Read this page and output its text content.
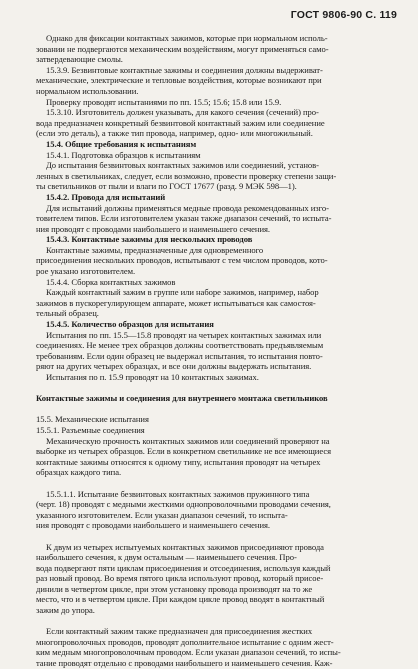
ГОСТ 9806-90 С. 119
Однако для фиксации контактных зажимов, которые при нормальном исполь-
зовании не подвергаются механическим воздействиям, могут применяться само-
затвердевающие смолы.
15.3.9. Безвинтовые контактные зажимы и соединения должны выдерживат-
механические, электрические и тепловые воздействия, которые возникают при
нормальном использовании.
Проверку проводят испытаниями по пп. 15.5; 15.6; 15.8 или 15.9.
15.3.10. Изготовитель должен указывать, для какого сечения (сечений) про-
вода предназначен конкретный безвинтовой контактный зажим или соединение
(если это деталь), а также тип провода, например, одно- или многожильный.
15.4. Общие требования к испытаниям
15.4.1. Подготовка образцов к испытаниям
До испытания безвинтовых контактных зажимов или соединений, установ-
ленных в светильниках, следует, если возможно, провести проверку степени защи-
ты светильников от пыли и влаги по ГОСТ 17677 (разд. 9 МЭК 598—1).
15.4.2. Провода для испытаний
Для испытаний должны применяться медные провода рекомендованных изго-
товителем типов. Если изготовителем указан также диапазон сечений, то испыта-
ния проводят с проводами наибольшего и наименьшего сечения.
15.4.3. Контактные зажимы для нескольких проводов
Контактные зажимы, предназначенные для одновременного
присоединения нескольких проводов, испытывают с тем числом проводов, кото-
рое указано изготовителем.
15.4.4. Сборка контактных зажимов
Каждый контактный зажим в группе или наборе зажимов, например, набор
зажимов в пускорегулирующем аппарате, может испытываться как самостоя-
тельный образец.
15.4.5. Количество образцов для испытания
Испытания по пп. 15.5—15.8 проводят на четырех контактных зажимах или
соединениях. Не менее трех образцов должны соответствовать предъявляемым
требованиям. Если один образец не выдержал испытания, то испытания повто-
ряют на других четырех образцах, и все они должны выдержать испытания.
Испытания по п. 15.9 проводят на 10 контактных зажимах.

Контактные зажимы и соединения для внутреннего монтажа светильников

15.5. Механические испытания
15.5.1. Разъемные соединения
Механическую прочность контактных зажимов или соединений проверяют на
выборке из четырех образцов. Если в конкретном светильнике не все имеющиеся
контактные зажимы относятся к одному типу, испытания проводят на четырех
образцах каждого типа.

15.5.1.1. Испытание безвинтовых контактных зажимов пружинного типа
(черт. 18) проводят с медными жесткими однопроволочными проводами сечения,
указанного изготовителем. Если указан диапазон сечений, то испыта-
ния проводят с проводами наибольшего и наименьшего сечения.

К двум из четырех испытуемых контактных зажимов присоединяют провода
наибольшего сечения, к двум остальным — наименьшего сечения. Про-
вода подвергают пяти циклам присоединения и отсоединения, используя каждый
раз новый провод. Во время пятого цикла используют провод, который присое-
динили в четвертом цикле, при этом установку провода производят на то же
место, что и в четвертом цикле. При каждом цикле провод вводят в контактный
зажим до упора.

Если контактный зажим также предназначен для присоединения жестких
многопроволочных проводов, проводят дополнительное испытание с одним жест-
ким медным многопроволочным проводом. Если указан диапазон сечений, то испы-
тание проводят отдельно с проводами наибольшего и наименьшего сечения. Каж-
